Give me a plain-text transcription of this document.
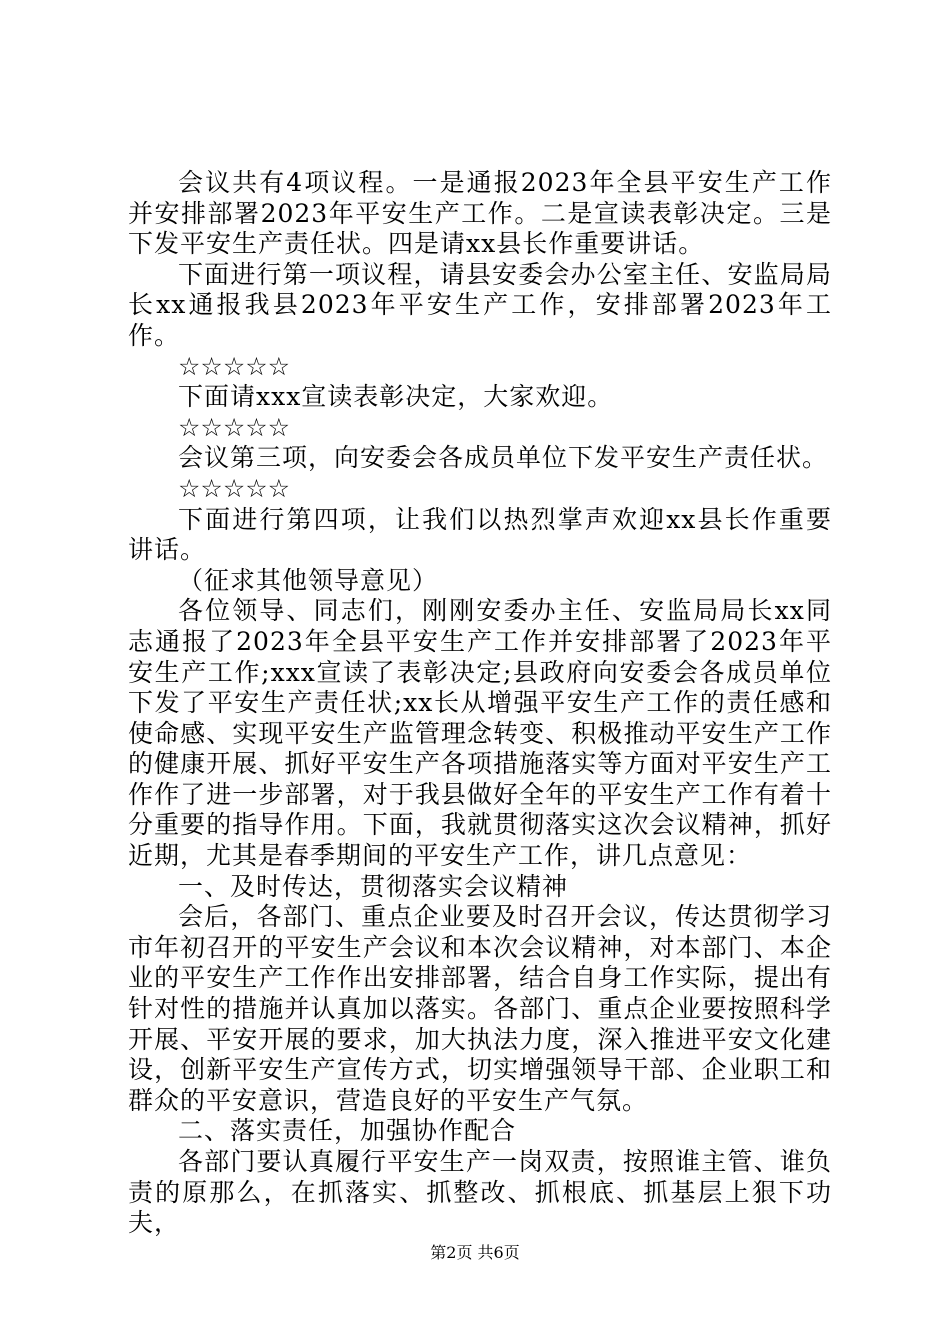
会议共有4项议程。一是通报2023年全县平安生产工作并安排部署2023年平安生产工作。二是宣读表彰决定。三是下发平安生产责任状。四是请xx县长作重要讲话。

下面进行第一项议程，请县安委会办公室主任、安监局局长xx通报我县2023年平安生产工作，安排部署2023年工作。

☆☆☆☆☆

下面请xxx宣读表彰决定，大家欢迎。

☆☆☆☆☆

会议第三项，向安委会各成员单位下发平安生产责任状。

☆☆☆☆☆

下面进行第四项，让我们以热烈掌声欢迎xx县长作重要讲话。

（征求其他领导意见）

各位领导、同志们，刚刚安委办主任、安监局局长xx同志通报了2023年全县平安生产工作并安排部署了2023年平安生产工作;xxx宣读了表彰决定;县政府向安委会各成员单位下发了平安生产责任状;xx长从增强平安生产工作的责任感和使命感、实现平安生产监管理念转变、积极推动平安生产工作的健康开展、抓好平安生产各项措施落实等方面对平安生产工作作了进一步部署，对于我县做好全年的平安生产工作有着十分重要的指导作用。下面，我就贯彻落实这次会议精神，抓好近期，尤其是春季期间的平安生产工作，讲几点意见：

一、及时传达，贯彻落实会议精神

会后，各部门、重点企业要及时召开会议，传达贯彻学习市年初召开的平安生产会议和本次会议精神，对本部门、本企业的平安生产工作作出安排部署，结合自身工作实际，提出有针对性的措施并认真加以落实。各部门、重点企业要按照科学开展、平安开展的要求，加大执法力度，深入推进平安文化建设，创新平安生产宣传方式，切实增强领导干部、企业职工和群众的平安意识，营造良好的平安生产气氛。

二、落实责任，加强协作配合

各部门要认真履行平安生产一岗双责，按照谁主管、谁负责的原那么，在抓落实、抓整改、抓根底、抓基层上狠下功夫，

第2页 共6页
